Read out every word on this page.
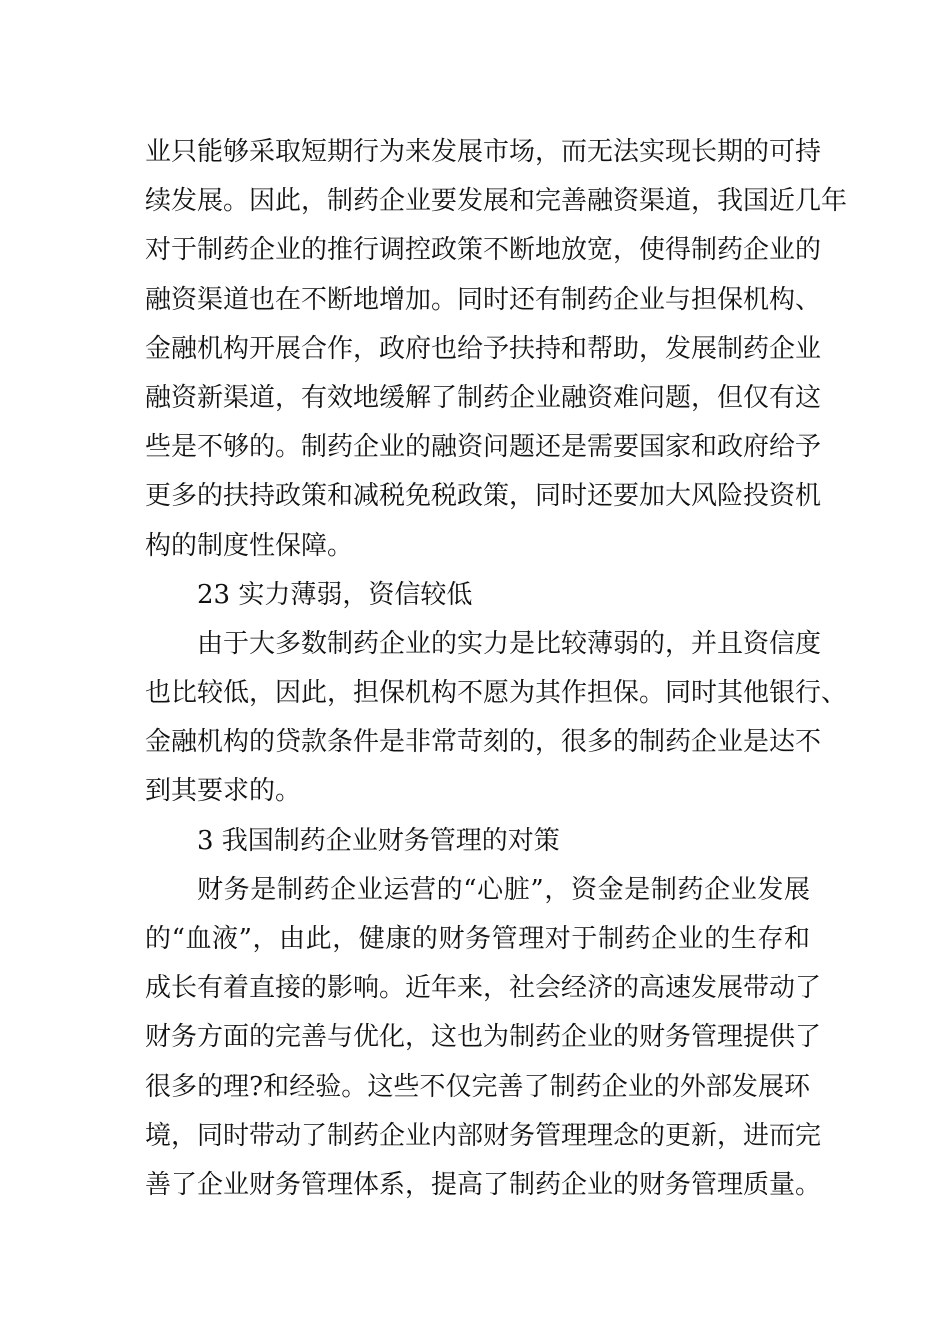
业只能够采取短期行为来发展市场，而无法实现长期的可持
续发展。因此，制药企业要发展和完善融资渠道，我国近几年
对于制药企业的推行调控政策不断地放宽，使得制药企业的
融资渠道也在不断地增加。同时还有制药企业与担保机构、
金融机构开展合作，政府也给予扶持和帮助，发展制药企业
融资新渠道，有效地缓解了制药企业融资难问题，但仅有这
些是不够的。制药企业的融资问题还是需要国家和政府给予
更多的扶持政策和减税免税政策，同时还要加大风险投资机
构的制度性保障。
23 实力薄弱，资信较低
由于大多数制药企业的实力是比较薄弱的，并且资信度
也比较低，因此，担保机构不愿为其作担保。同时其他银行、
金融机构的贷款条件是非常苛刻的，很多的制药企业是达不
到其要求的。
3 我国制药企业财务管理的对策
财务是制药企业运营的“心脏”，资金是制药企业发展
的“血液”，由此，健康的财务管理对于制药企业的生存和
成长有着直接的影响。近年来，社会经济的高速发展带动了
财务方面的完善与优化，这也为制药企业的财务管理提供了
很多的理?和经验。这些不仅完善了制药企业的外部发展环
境，同时带动了制药企业内部财务管理理念的更新，进而完
善了企业财务管理体系，提高了制药企业的财务管理质量。
